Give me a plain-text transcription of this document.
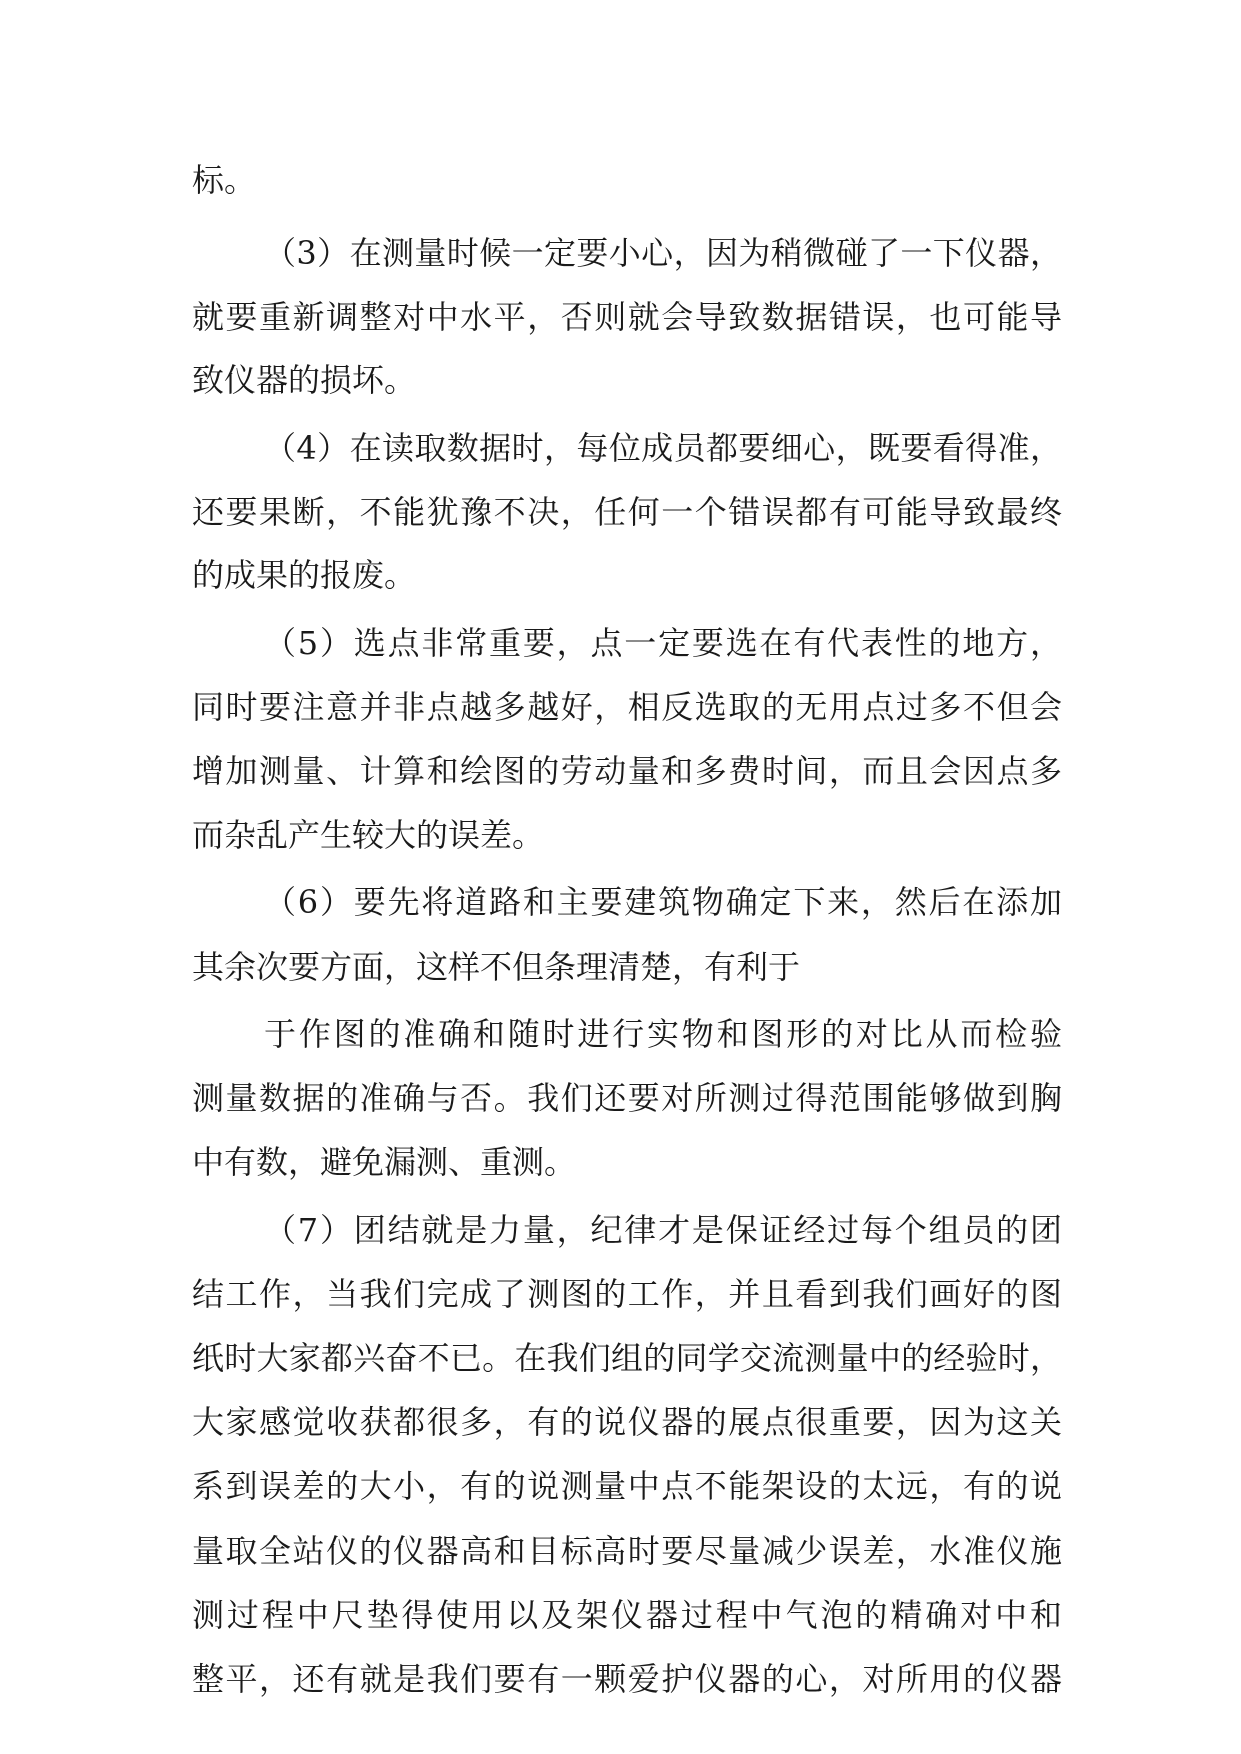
标。
（3）在测量时候一定要小心，因为稍微碰了一下仪器，
就要重新调整对中水平，否则就会导致数据错误，也可能导
致仪器的损坏。
（4）在读取数据时，每位成员都要细心，既要看得准，
还要果断，不能犹豫不决，任何一个错误都有可能导致最终
的成果的报废。
（5）选点非常重要，点一定要选在有代表性的地方，
同时要注意并非点越多越好，相反选取的无用点过多不但会
增加测量、计算和绘图的劳动量和多费时间，而且会因点多
而杂乱产生较大的误差。
（6）要先将道路和主要建筑物确定下来，然后在添加
其余次要方面，这样不但条理清楚，有利于
于作图的准确和随时进行实物和图形的对比从而检验
测量数据的准确与否。我们还要对所测过得范围能够做到胸
中有数，避免漏测、重测。
（7）团结就是力量，纪律才是保证经过每个组员的团
结工作，当我们完成了测图的工作，并且看到我们画好的图
纸时大家都兴奋不已。在我们组的同学交流测量中的经验时，
大家感觉收获都很多，有的说仪器的展点很重要，因为这关
系到误差的大小，有的说测量中点不能架设的太远，有的说
量取全站仪的仪器高和目标高时要尽量减少误差，水准仪施
测过程中尺垫得使用以及架仪器过程中气泡的精确对中和
整平，还有就是我们要有一颗爱护仪器的心，对所用的仪器
